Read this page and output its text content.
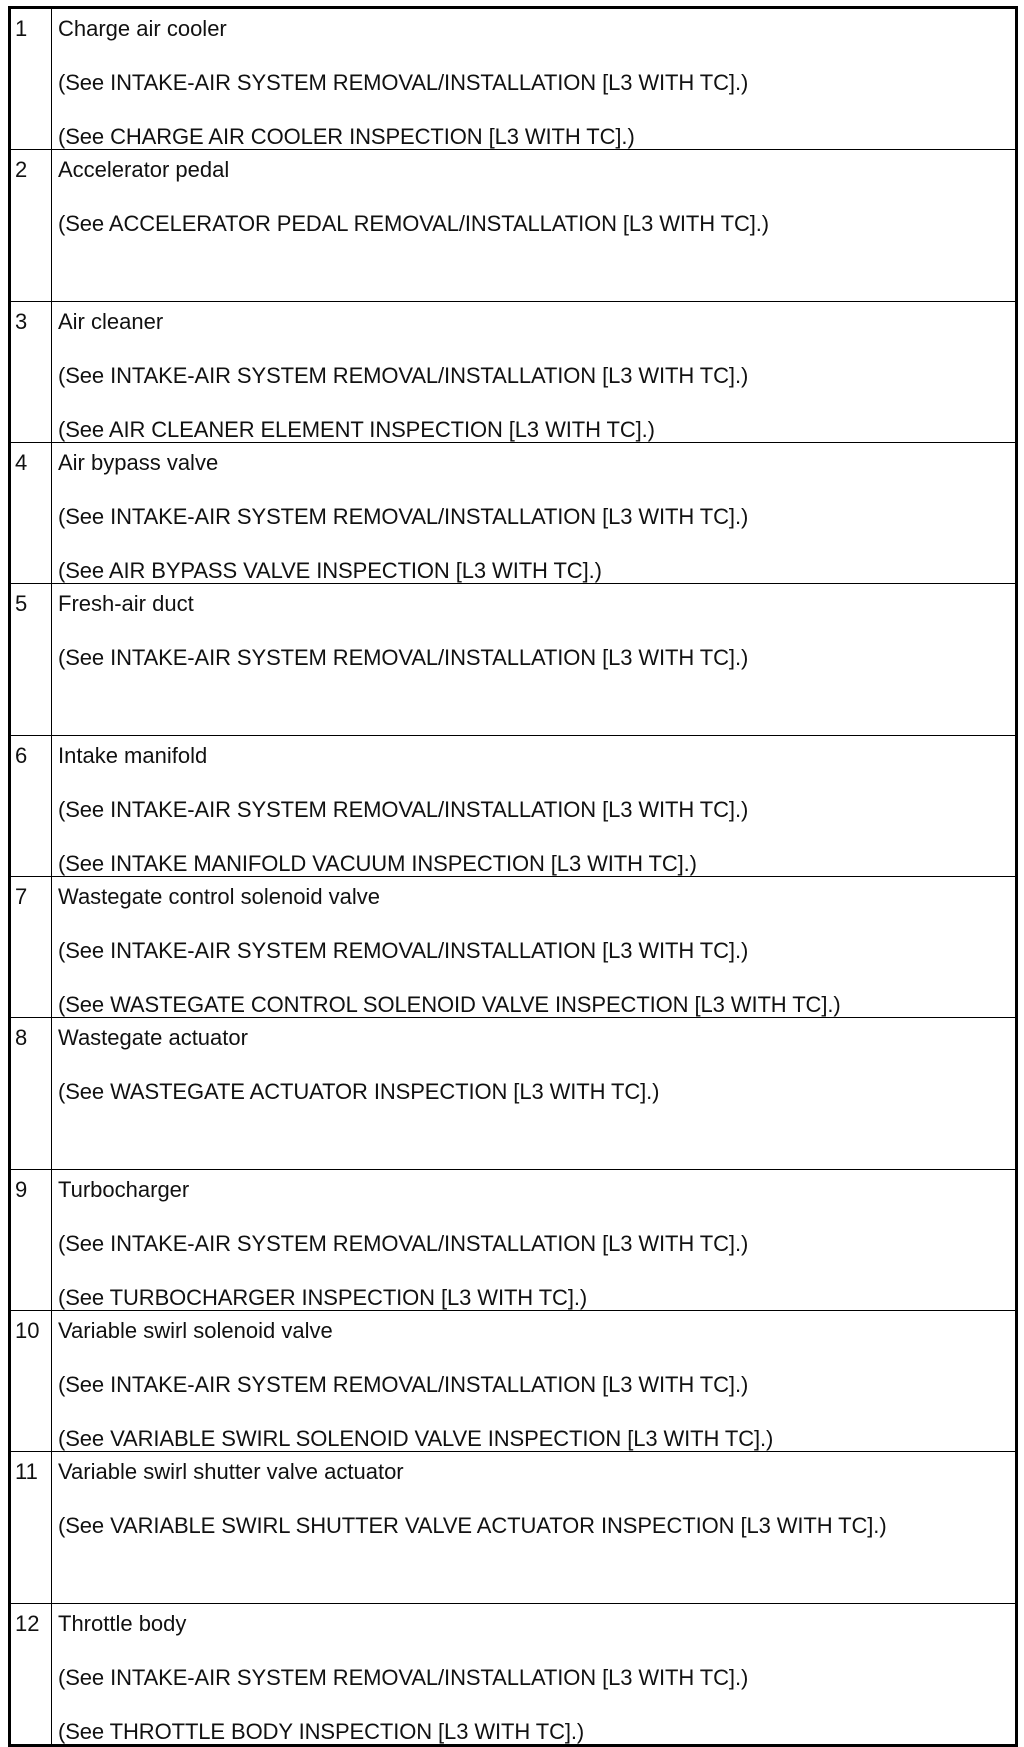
1	Charge air cooler
(See INTAKE-AIR SYSTEM REMOVAL/INSTALLATION [L3 WITH TC].)
(See CHARGE AIR COOLER INSPECTION [L3 WITH TC].)

2	Accelerator pedal
(See ACCELERATOR PEDAL REMOVAL/INSTALLATION [L3 WITH TC].)

3	Air cleaner
(See INTAKE-AIR SYSTEM REMOVAL/INSTALLATION [L3 WITH TC].)
(See AIR CLEANER ELEMENT INSPECTION [L3 WITH TC].)

4	Air bypass valve
(See INTAKE-AIR SYSTEM REMOVAL/INSTALLATION [L3 WITH TC].)
(See AIR BYPASS VALVE INSPECTION [L3 WITH TC].)

5	Fresh-air duct
(See INTAKE-AIR SYSTEM REMOVAL/INSTALLATION [L3 WITH TC].)

6	Intake manifold
(See INTAKE-AIR SYSTEM REMOVAL/INSTALLATION [L3 WITH TC].)
(See INTAKE MANIFOLD VACUUM INSPECTION [L3 WITH TC].)

7	Wastegate control solenoid valve
(See INTAKE-AIR SYSTEM REMOVAL/INSTALLATION [L3 WITH TC].)
(See WASTEGATE CONTROL SOLENOID VALVE INSPECTION [L3 WITH TC].)

8	Wastegate actuator
(See WASTEGATE ACTUATOR INSPECTION [L3 WITH TC].)

9	Turbocharger
(See INTAKE-AIR SYSTEM REMOVAL/INSTALLATION [L3 WITH TC].)
(See TURBOCHARGER INSPECTION [L3 WITH TC].)

10	Variable swirl solenoid valve
(See INTAKE-AIR SYSTEM REMOVAL/INSTALLATION [L3 WITH TC].)
(See VARIABLE SWIRL SOLENOID VALVE INSPECTION [L3 WITH TC].)

11	Variable swirl shutter valve actuator
(See VARIABLE SWIRL SHUTTER VALVE ACTUATOR INSPECTION [L3 WITH TC].)

12	Throttle body
(See INTAKE-AIR SYSTEM REMOVAL/INSTALLATION [L3 WITH TC].)
(See THROTTLE BODY INSPECTION [L3 WITH TC].)
